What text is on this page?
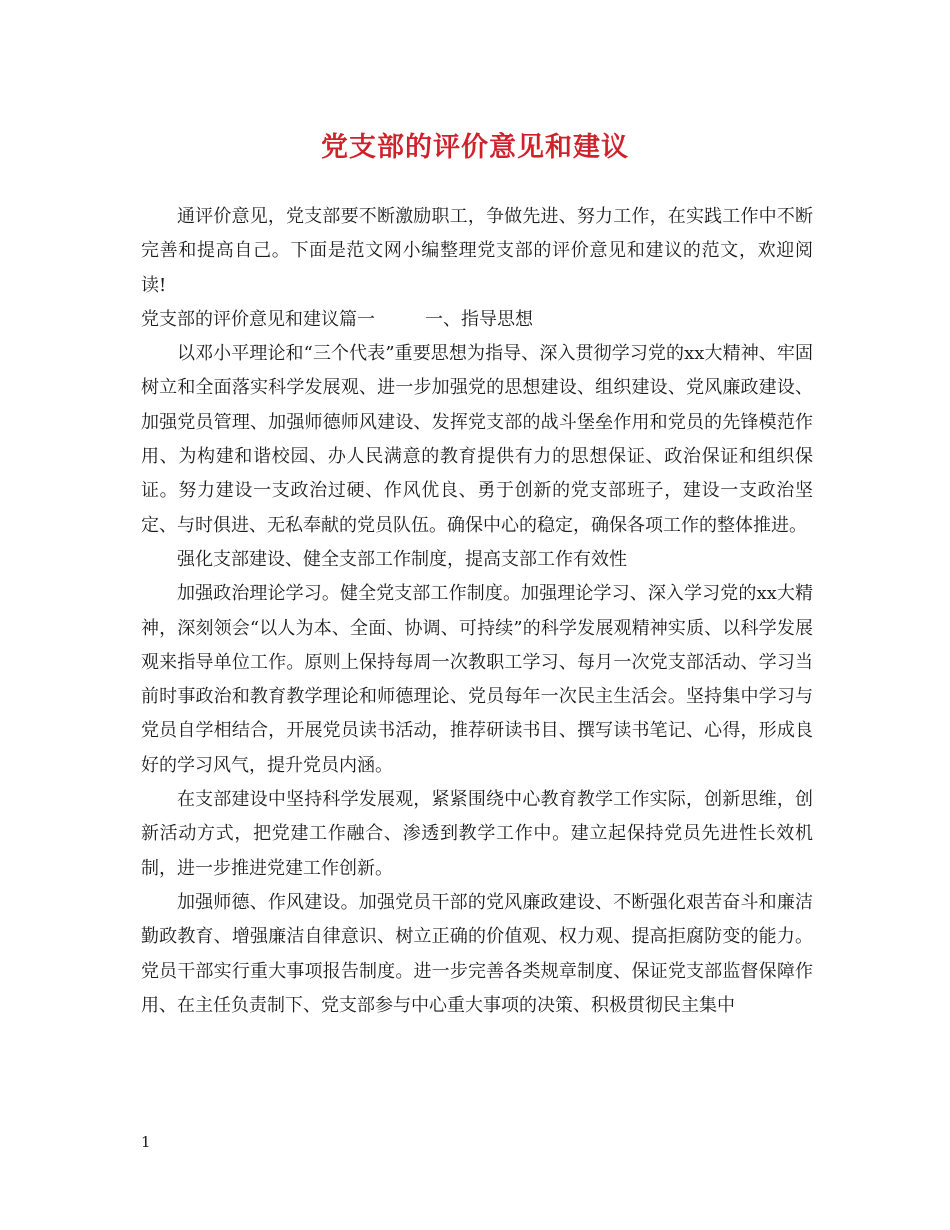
党支部的评价意见和建议

通评价意见，党支部要不断激励职工，争做先进、努力工作，在实践工作中不断完善和提高自己。下面是范文网小编整理党支部的评价意见和建议的范文，欢迎阅读!

党支部的评价意见和建议篇一	一、指导思想

以邓小平理论和“三个代表”重要思想为指导、深入贯彻学习党的xx大精神、牢固树立和全面落实科学发展观、进一步加强党的思想建设、组织建设、党风廉政建设、加强党员管理、加强师德师风建设、发挥党支部的战斗堡垒作用和党员的先锋模范作用、为构建和谐校园、办人民满意的教育提供有力的思想保证、政治保证和组织保证。努力建设一支政治过硬、作风优良、勇于创新的党支部班子，建设一支政治坚定、与时俱进、无私奉献的党员队伍。确保中心的稳定，确保各项工作的整体推进。

强化支部建设、健全支部工作制度，提高支部工作有效性

加强政治理论学习。健全党支部工作制度。加强理论学习、深入学习党的xx大精神，深刻领会“以人为本、全面、协调、可持续”的科学发展观精神实质、以科学发展观来指导单位工作。原则上保持每周一次教职工学习、每月一次党支部活动、学习当前时事政治和教育教学理论和师德理论、党员每年一次民主生活会。坚持集中学习与党员自学相结合，开展党员读书活动，推荐研读书目、撰写读书笔记、心得，形成良好的学习风气，提升党员内涵。

在支部建设中坚持科学发展观，紧紧围绕中心教育教学工作实际，创新思维，创新活动方式，把党建工作融合、渗透到教学工作中。建立起保持党员先进性长效机制，进一步推进党建工作创新。

加强师德、作风建设。加强党员干部的党风廉政建设、不断强化艰苦奋斗和廉洁勤政教育、增强廉洁自律意识、树立正确的价值观、权力观、提高拒腐防变的能力。党员干部实行重大事项报告制度。进一步完善各类规章制度、保证党支部监督保障作用、在主任负责制下、党支部参与中心重大事项的决策、积极贯彻民主集中

1
